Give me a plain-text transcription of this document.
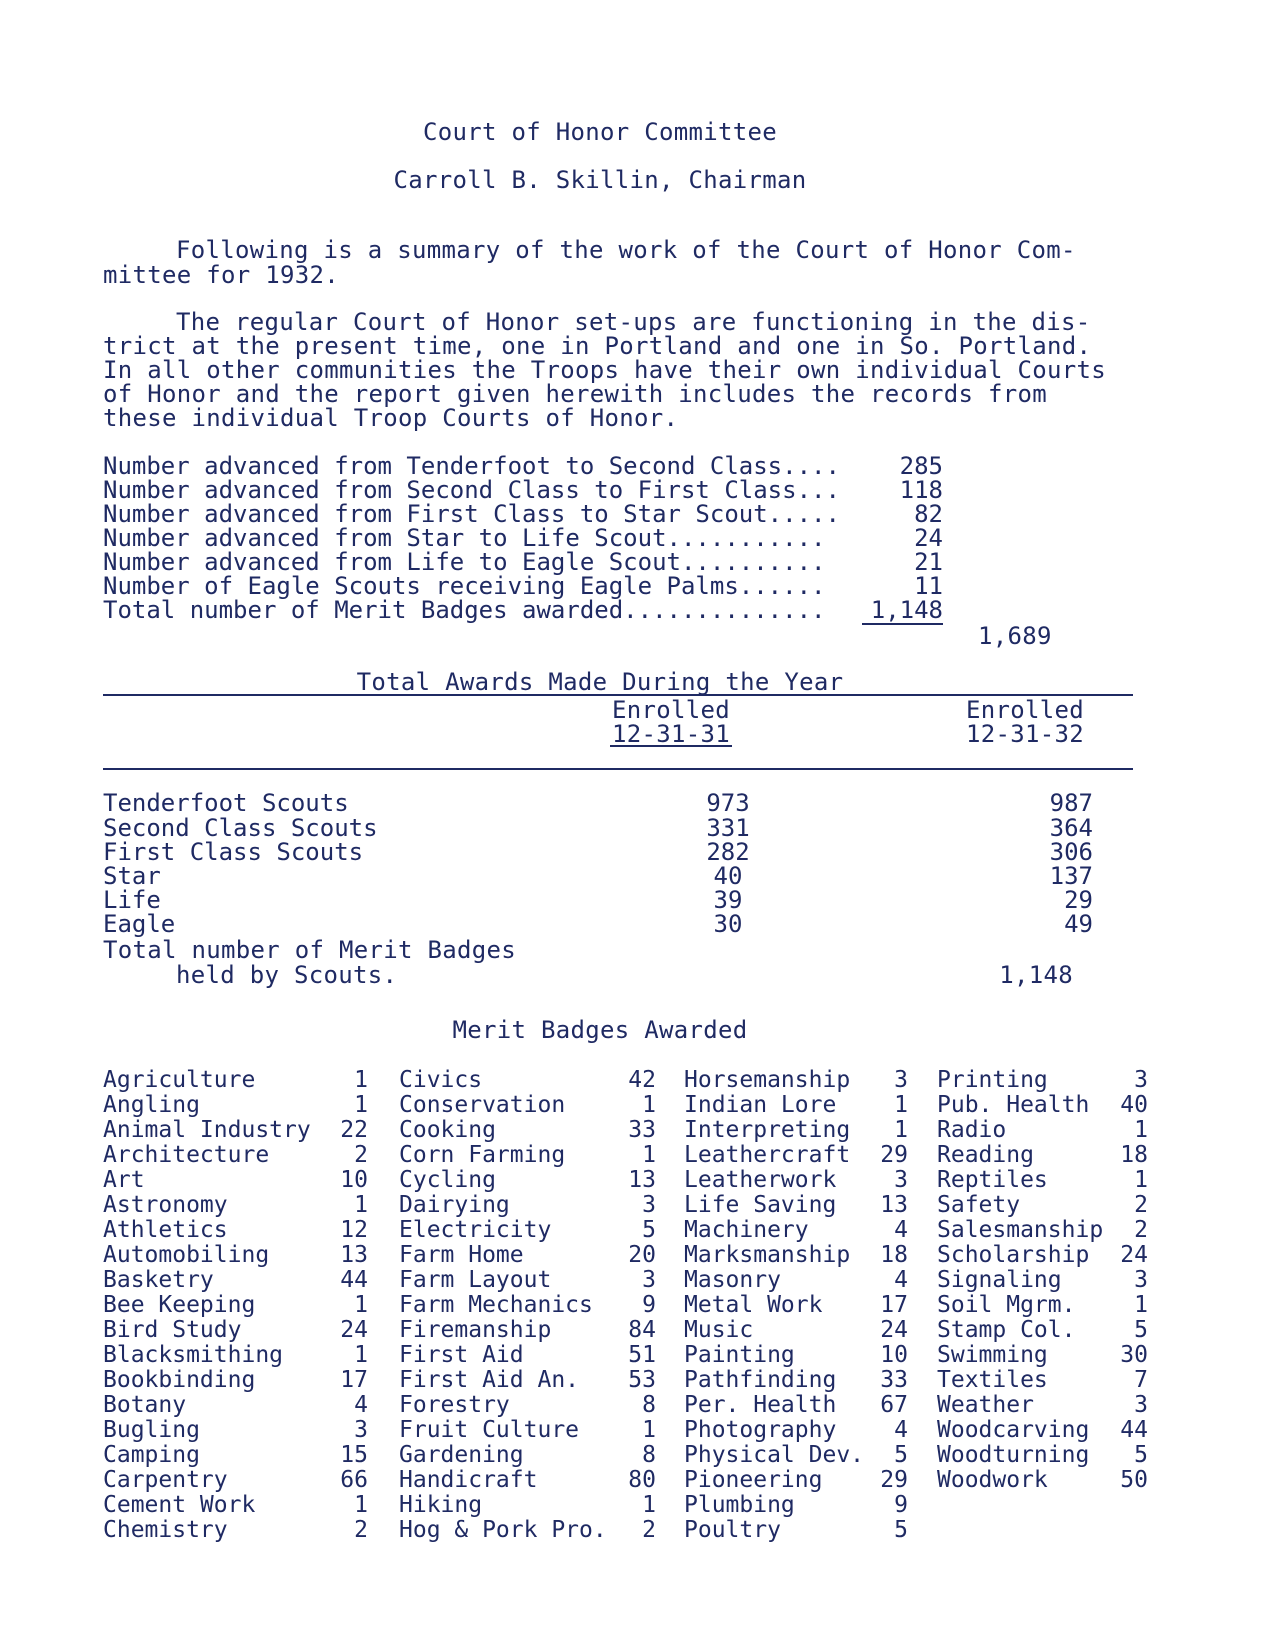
Court of Honor Committee
Carroll B. Skillin, Chairman
Following is a summary of the work of the Court of Honor Com-
mittee for 1932.
The regular Court of Honor set-ups are functioning in the dis-
trict at the present time, one in Portland and one in So. Portland.
In all other communities the Troops have their own individual Courts
of Honor and the report given herewith includes the records from
these individual Troop Courts of Honor.
Number advanced from Tenderfoot to Second Class.... 285
Number advanced from Second Class to First Class... 118
Number advanced from First Class to Star Scout.....	82
Number advanced from Star to Life Scout...........	24
Number advanced from Life to Eagle Scout..........	21
Number of Eagle Scouts receiving Eagle Palms......	11
Total number of Merit Badges awarded.............. 1,148
1,689
Total Awards Made During the Year
Enrolled
12-31-31
Enrolled
12-31-32
Tenderfoot Scouts	973	987
Second Class Scouts	331	364
First Class Scouts	282	306
Star	40	137
Life	39	29
Eagle	30	49
Total number of Merit Badges
held by Scouts.	1,148
Merit Badges Awarded
Agriculture	1
Angling	1
Animal Industry 22
Architecture	2
Art	10
Astronomy	1
Athletics	12
Automobiling	13
Basketry	44
Bee Keeping	1
Bird Study	24
Blacksmithing	1
Bookbinding	17
Botany	4
Bugling	3
Camping	15
Carpentry	66
Cement Work	1
Chemistry	2
Civics	42
Conservation	1
Cooking	33
Corn Farming	1
Cycling	13
Dairying	3
Electricity	5
Farm Home	20
Farm Layout	3
Farm Mechanics 9
Firemanship	84
First Aid	51
First Aid An. 53
Forestry	8
Fruit Culture	1
Gardening	8
Handicraft	80
Hiking	1
Hog & Pork Pro. 2
Horsemanship 3
Indian Lore	1
Interpreting 1
Leathercraft 29
Leatherwork	3
Life Saving 13
Machinery	4
Marksmanship 18
Masonry	4
Metal Work	17
Music	24
Painting	10
Pathfinding 33
Per. Health 67
Photography	4
Physical Dev. 5
Pioneering	29
Plumbing	9
Poultry	5
Printing	3
Pub. Health 40
Radio	1
Reading	18
Reptiles	1
Safety	2
Salesmanship 2
Scholarship 24
Signaling	3
Soil Mgrm.	1
Stamp Col.	5
Swimming	30
Textiles	7
Weather	3
Woodcarving 44
Woodturning 5
Woodwork	50
